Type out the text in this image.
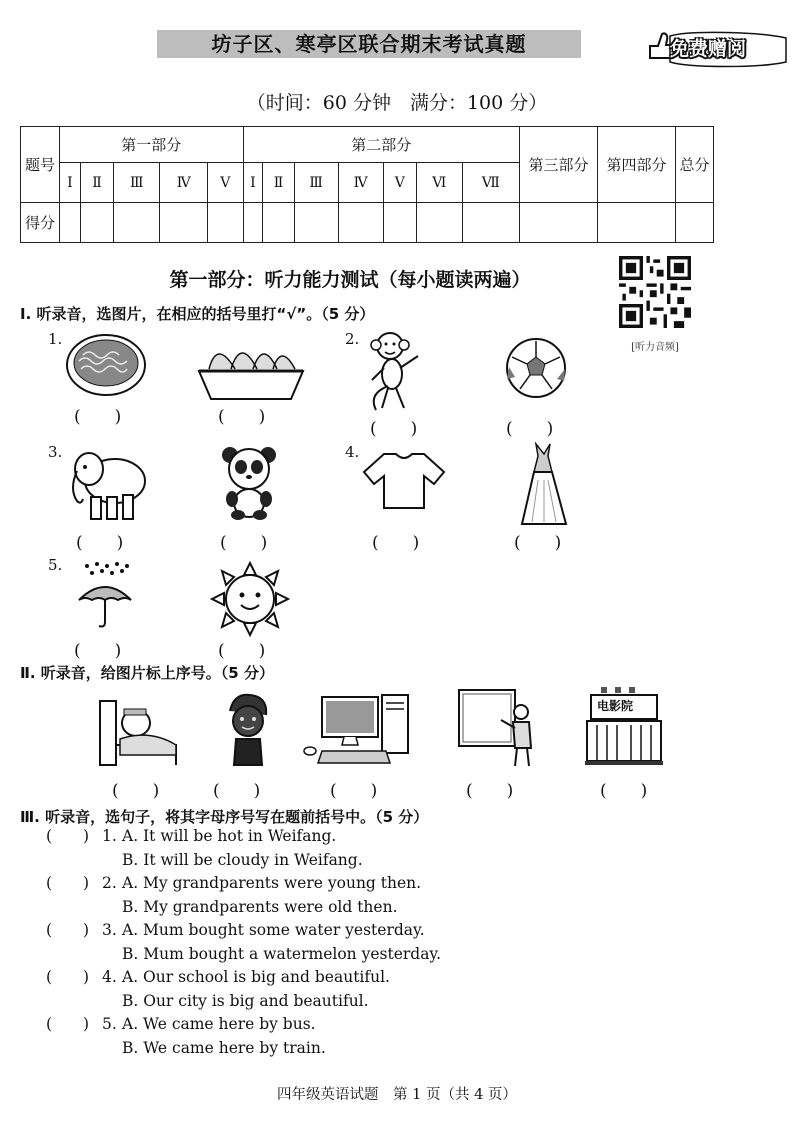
坊子区、寒亭区联合期末考试真题	免费赠阅
（时间：60 分钟　满分：100 分）
题号	第一部分					第二部分							第三部分	第四部分	总分
	Ⅰ	Ⅱ	Ⅲ	Ⅳ	Ⅴ	Ⅰ	Ⅱ	Ⅲ	Ⅳ	Ⅴ	Ⅵ	Ⅶ			
得分															
第一部分：听力能力测试（每小题读两遍）
[听力音频]
Ⅰ. 听录音，选图片，在相应的括号里打“√”。（5 分）
1.	2.
3.	4.
5.
(　　)	(　　)
(　　)	(　　)
(　　)	(　　)	(　　)	(　　)
(　　)	(　　)
Ⅱ. 听录音，给图片标上序号。（5 分）
电影院
(　　)	(　　)	(　　)	(　　)	(　　)
Ⅲ. 听录音，选句子，将其字母序号写在题前括号中。（5 分）
(　　) 1. A. It will be hot in Weifang.
B. It will be cloudy in Weifang.
(　　) 2. A. My grandparents were young then.
B. My grandparents were old then.
(　　) 3. A. Mum bought some water yesterday.
B. Mum bought a watermelon yesterday.
(　　) 4. A. Our school is big and beautiful.
B. Our city is big and beautiful.
(　　) 5. A. We came here by bus.
B. We came here by train.
四年级英语试题　第 1 页（共 4 页）
